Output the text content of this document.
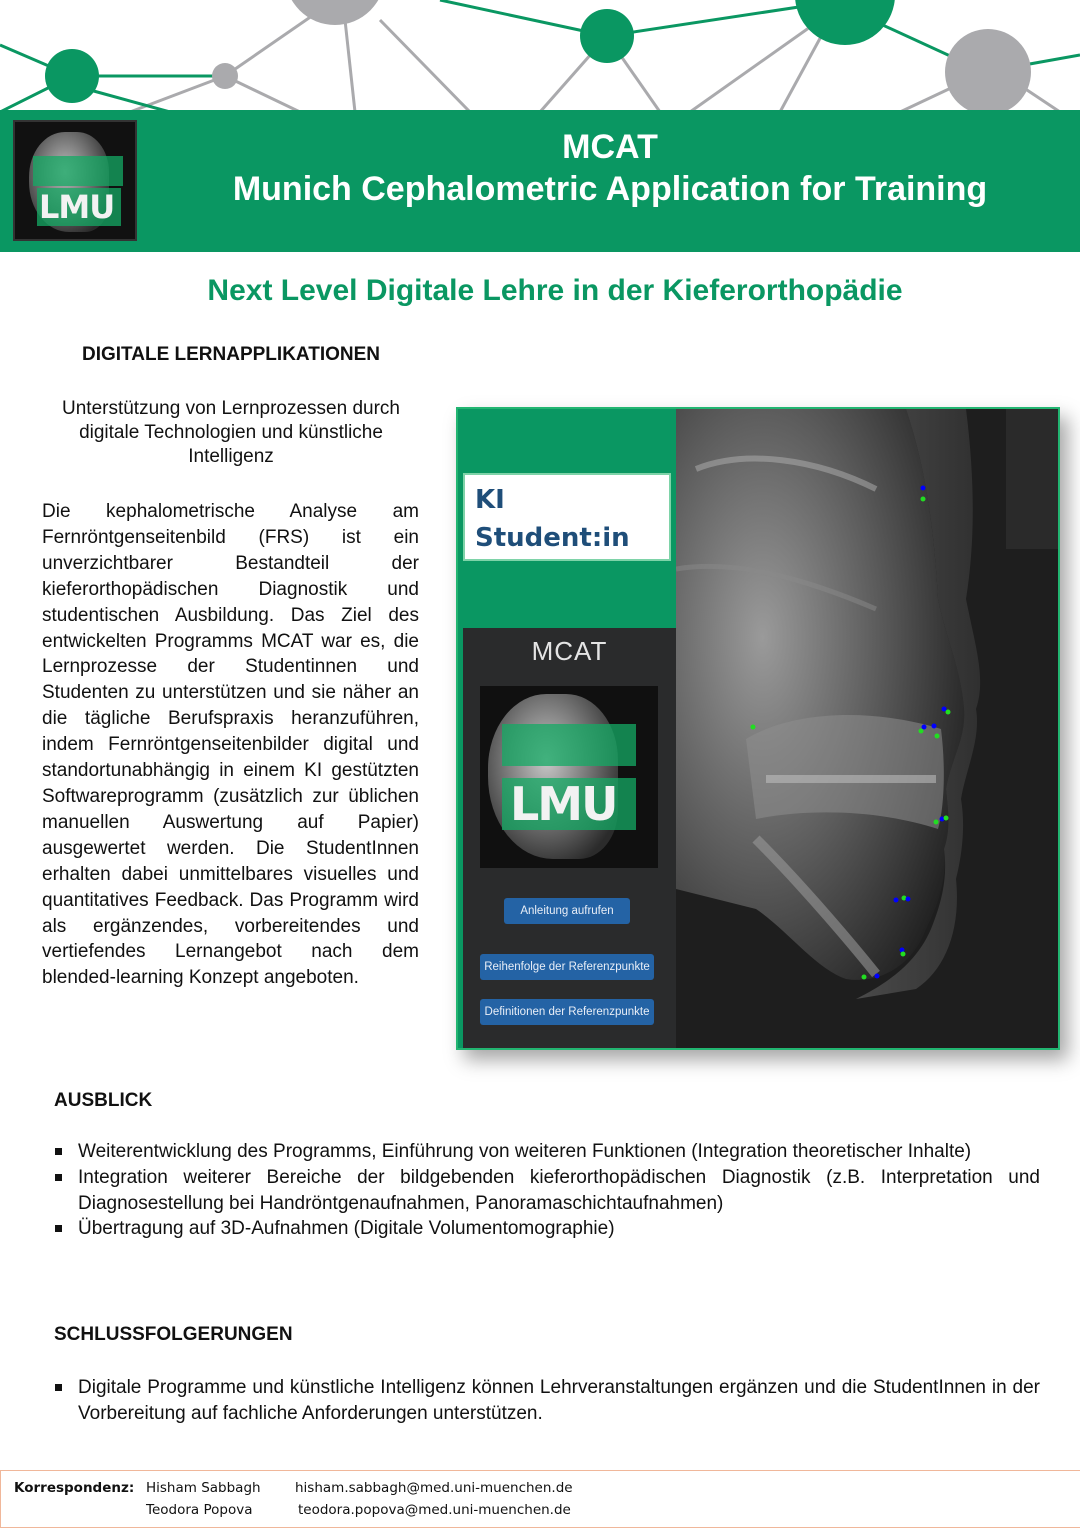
LMU
MCAT
Munich Cephalometric Application for Training
Next Level Digitale Lehre in der Kieferorthopädie
DIGITALE LERNAPPLIKATIONEN
Unterstützung von Lernprozessen durch digitale Technologien und künstliche Intelligenz
Die kephalometrische Analyse am Fernröntgenseitenbild (FRS) ist ein unverzichtbarer Bestandteil der kieferorthopädischen Diagnostik und studentischen Ausbildung. Das Ziel des entwickelten Programms MCAT war es, die Lernprozesse der Studentinnen und Studenten zu unterstützen und sie näher an die tägliche Berufspraxis heranzuführen, indem Fernröntgenseitenbilder digital und standortunabhängig in einem KI gestützten Softwareprogramm (zusätzlich zur üblichen manuellen Auswertung auf Papier) ausgewertet werden. Die StudentInnen erhalten dabei unmittelbares visuelles und quantitatives Feedback. Das Programm wird als ergänzendes, vorbereitendes und vertiefendes Lernangebot nach dem blended-learning Konzept angeboten.
KI
Student:in
MCAT
LMU
Anleitung aufrufen
Reihenfolge der Referenzpunkte
Definitionen der Referenzpunkte
AUSBLICK
Weiterentwicklung des Programms, Einführung von weiteren Funktionen (Integration theoretischer Inhalte)
Integration weiterer Bereiche der bildgebenden kieferorthopädischen Diagnostik (z.B. Interpretation und Diagnosestellung bei Handröntgenaufnahmen, Panoramaschichtaufnahmen)
Übertragung auf 3D-Aufnahmen (Digitale Volumentomographie)
SCHLUSSFOLGERUNGEN
Digitale Programme und künstliche Intelligenz können Lehrveranstaltungen ergänzen und die StudentInnen in der Vorbereitung auf fachliche Anforderungen unterstützen.
Korrespondenz: Hisham Sabbagh	hisham.sabbagh@med.uni-muenchen.de
Teodora Popova	teodora.popova@med.uni-muenchen.de
